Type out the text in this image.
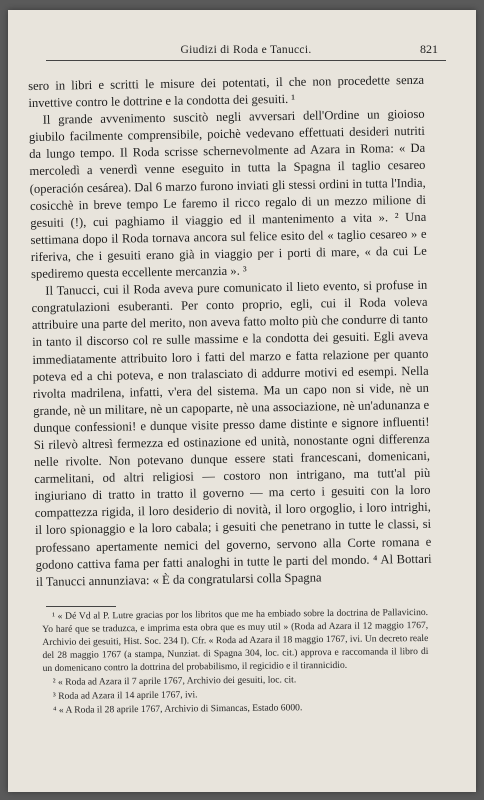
Giudizi di Roda e Tanucci.	821

sero in libri e scritti le misure dei potentati, il che non procedette senza invettive contro le dottrine e la condotta dei gesuiti. ¹

Il grande avvenimento suscitò negli avversari dell'Ordine un gioioso giubilo facilmente comprensibile, poichè vedevano effettuati desideri nutriti da lungo tempo. Il Roda scrisse schernevolmente ad Azara in Roma: « Da mercoledì a venerdì venne eseguito in tutta la Spagna il taglio cesareo (operación cesárea). Dal 6 marzo furono inviati gli stessi ordini in tutta l'India, cosicchè in breve tempo Le faremo il ricco regalo di un mezzo milione di gesuiti (!), cui paghiamo il viaggio ed il mantenimento a vita ». ² Una settimana dopo il Roda tornava ancora sul felice esito del « taglio cesareo » e riferiva, che i gesuiti erano già in viaggio per i porti di mare, « da cui Le spediremo questa eccellente mercanzia ». ³

Il Tanucci, cui il Roda aveva pure comunicato il lieto evento, si profuse in congratulazioni esuberanti. Per conto proprio, egli, cui il Roda voleva attribuire una parte del merito, non aveva fatto molto più che condurre di tanto in tanto il discorso col re sulle massime e la condotta dei gesuiti. Egli aveva immediatamente attribuito loro i fatti del marzo e fatta relazione per quanto poteva ed a chi poteva, e non tralasciato di addurre motivi ed esempi. Nella rivolta madrilena, infatti, v'era del sistema. Ma un capo non si vide, nè un grande, nè un militare, nè un capoparte, nè una associazione, nè un'adunanza e dunque confessioni! e dunque visite presso dame distinte e signore influenti! Si rilevò altresì fermezza ed ostinazione ed unità, nonostante ogni differenza nelle rivolte. Non potevano dunque essere stati francescani, domenicani, carmelitani, od altri religiosi — costoro non intrigano, ma tutt'al più ingiuriano di tratto in tratto il governo — ma certo i gesuiti con la loro compattezza rigida, il loro desiderio di novità, il loro orgoglio, i loro intrighi, il loro spionaggio e la loro cabala; i gesuiti che penetrano in tutte le classi, si professano apertamente nemici del governo, servono alla Corte romana e godono cattiva fama per fatti analoghi in tutte le parti del mondo. ⁴ Al Bottari il Tanucci annunziava: « È da congratularsi colla Spagna

¹ « Dé Vd al P. Lutre gracias por los libritos que me ha embiado sobre la doctrina de Pallavicino. Yo haré que se traduzca, e imprima esta obra que es muy util » (Roda ad Azara il 12 maggio 1767, Archivio dei gesuiti, Hist. Soc. 234 I). Cfr. « Roda ad Azara il 18 maggio 1767, ivi. Un decreto reale del 28 maggio 1767 (a stampa, Nunziat. di Spagna 304, loc. cit.) approva e raccomanda il libro di un domenicano contro la dottrina del probabilismo, il regicidio e il tirannicidio.

² « Roda ad Azara il 7 aprile 1767, Archivio dei gesuiti, loc. cit.

³ Roda ad Azara il 14 aprile 1767, ivi.

⁴ « A Roda il 28 aprile 1767, Archivio di Simancas, Estado 6000.
